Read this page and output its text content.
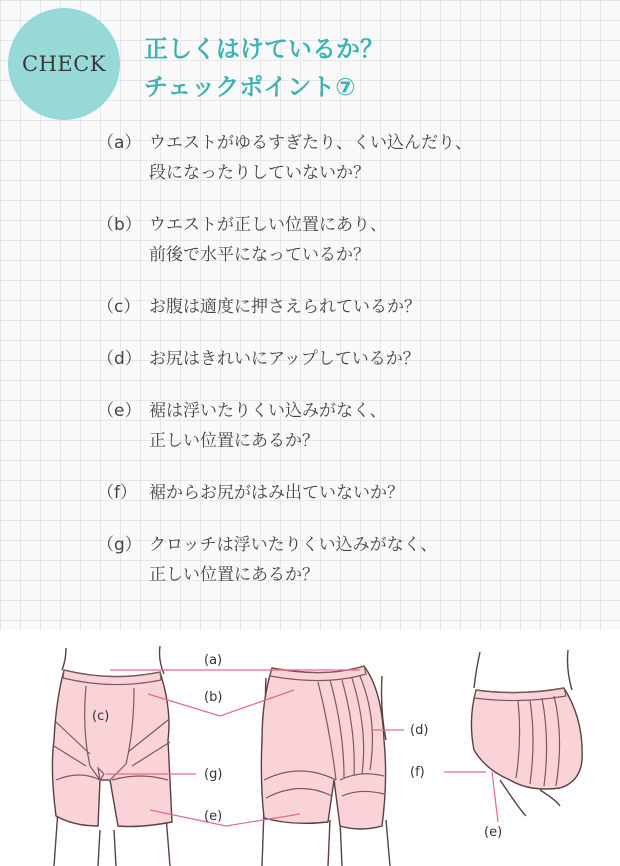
CHECK
正しくはけているか？
チェックポイント⑦
（a） ウエストがゆるすぎたり、くい込んだり、
段になったりしていないか？
（b） ウエストが正しい位置にあり、
前後で水平になっているか？
（c） お腹は適度に押さえられているか？
（d） お尻はきれいにアップしているか？
（e） 裾は浮いたりくい込みがなく、
正しい位置にあるか？
（f） 裾からお尻がはみ出ていないか？
（g） クロッチは浮いたりくい込みがなく、
正しい位置にあるか？
(a)
(b)
(c)
(d)
(g)
(e)
(f)
(e)
